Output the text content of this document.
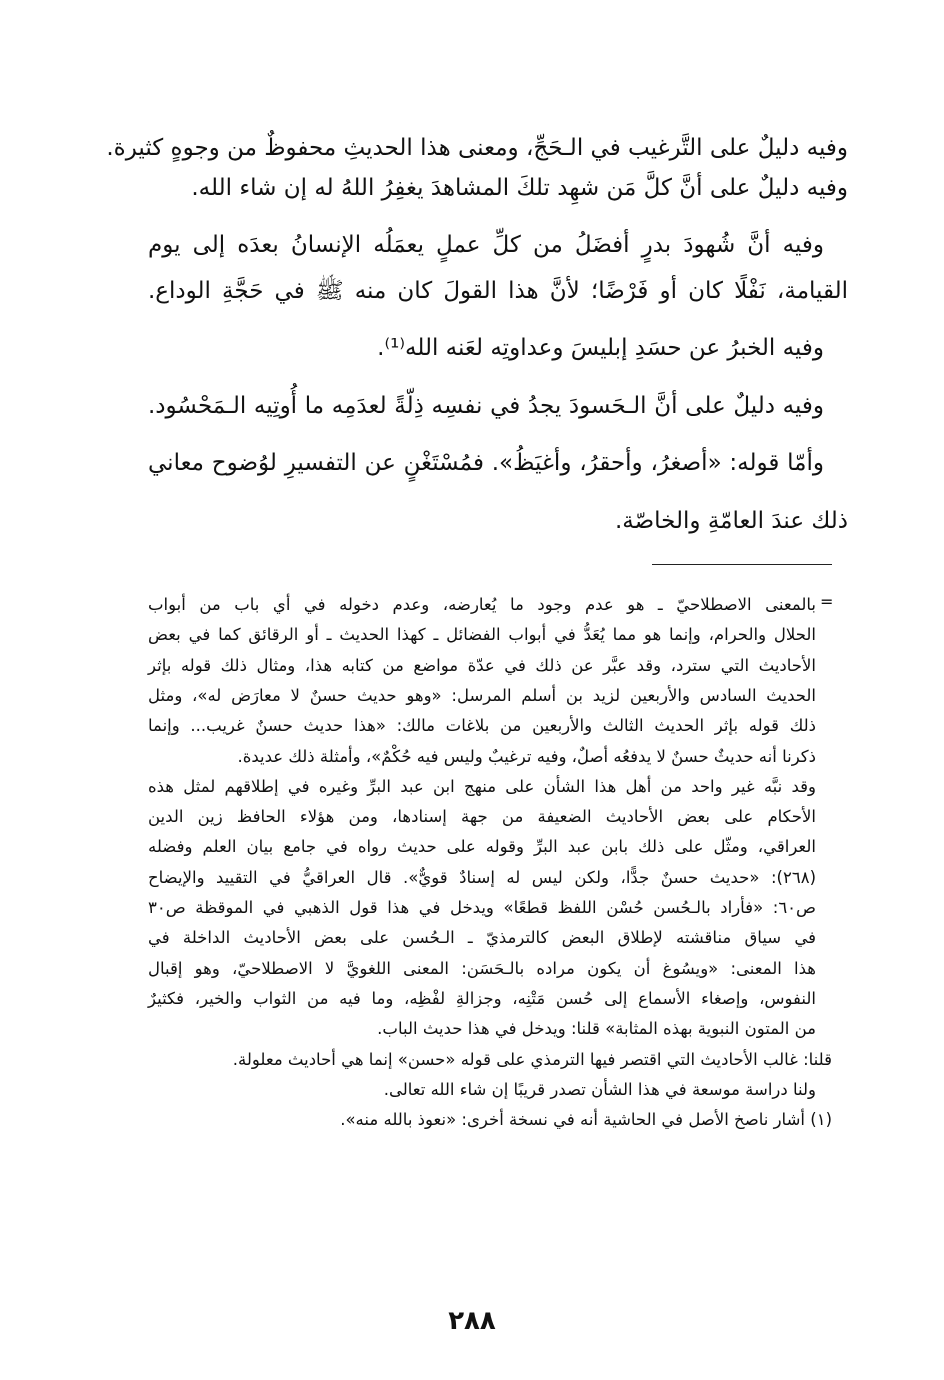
وفيه دليلٌ على التَّرغيب في الـحَجِّ، ومعنى هذا الحديثِ محفوظٌ من وجوهٍ كثيرة.
وفيه دليلٌ على أنَّ كلَّ مَن شهِد تلكَ المشاهدَ يغفِرُ اللهُ له إن شاء الله.
وفيه أنَّ شُهودَ بدرٍ أفضَلُ من كلِّ عملٍ يعمَلُه الإنسانُ بعدَه إلى يوم
القيامة، نَفْلًا كان أو فَرْضًا؛ لأنَّ هذا القولَ كان منه ﷺ في حَجَّةِ الوداع.
وفيه الخبرُ عن حسَدِ إبليسَ وعداوتِه لعَنه الله⁽¹⁾.
وفيه دليلٌ على أنَّ الـحَسودَ يجدُ في نفسِه ذِلّةً لعدَمِه ما أُوتِيه الـمَحْسُود.
وأمّا قوله: «أصغرُ، وأحقرُ، وأغيَظُ». فمُسْتَغْنٍ عن التفسيرِ لوُضوح معاني
ذلك عندَ العامّةِ والخاصّة.
=
بالمعنى الاصطلاحيّ ـ هو عدم وجود ما يُعارضه، وعدم دخوله في أي باب من أبواب
الحلال والحرام، وإنما هو مما يُعَدُّ في أبواب الفضائل ـ كهذا الحديث ـ أو الرقائق كما في بعض
الأحاديث التي سترد، وقد عبَّر عن ذلك في عدّة مواضع من كتابه هذا، ومثال ذلك قوله بإثر
الحديث السادس والأربعين لزيد بن أسلم المرسل: «وهو حديث حسنٌ لا معارَض له»، ومثل
ذلك قوله بإثر الحديث الثالث والأربعين من بلاغات مالك: «هذا حديث حسنٌ غريب... وإنما
ذكرنا أنه حديثٌ حسنٌ لا يدفعُه أصلٌ، وفيه ترغيبٌ وليس فيه حُكْمٌ»، وأمثلة ذلك عديدة.
وقد نبَّه غير واحد من أهل هذا الشأن على منهج ابن عبد البرِّ وغيره في إطلاقهم لمثل هذه
الأحكام على بعض الأحاديث الضعيفة من جهة إسنادها، ومن هؤلاء الحافظ زين الدين
العراقي، ومثّل على ذلك بابن عبد البرِّ وقوله على حديث رواه في جامع بيان العلم وفضله
(٢٦٨): «حديث حسنٌ جدًّا، ولكن ليس له إسنادٌ قويٌّ». قال العراقيُّ في التقييد والإيضاح
ص٦٠: «فأراد بالـحُسن حُسْن اللفظ قطعًا» ويدخل في هذا قول الذهبي في الموقظة ص٣٠
في سياق مناقشته لإطلاق البعض كالترمذيّ ـ الـحُسن على بعض الأحاديث الداخلة في
هذا المعنى: «ويسُوغ أن يكون مراده بالـحَسَن: المعنى اللغويَّ لا الاصطلاحيّ، وهو إقبال
النفوس، وإصغاء الأسماع إلى حُسن مَتْنِه، وجزالةِ لفْظِه، وما فيه من الثواب والخير، فكثيرٌ
من المتون النبوية بهذه المثابة» قلنا: ويدخل في هذا حديث الباب.
قلنا: غالب الأحاديث التي اقتصر فيها الترمذي على قوله «حسن» إنما هي أحاديث معلولة.
ولنا دراسة موسعة في هذا الشأن تصدر قريبًا إن شاء الله تعالى.
(١) أشار ناصخ الأصل في الحاشية أنه في نسخة أخرى: «نعوذ بالله منه».
٢٨٨
